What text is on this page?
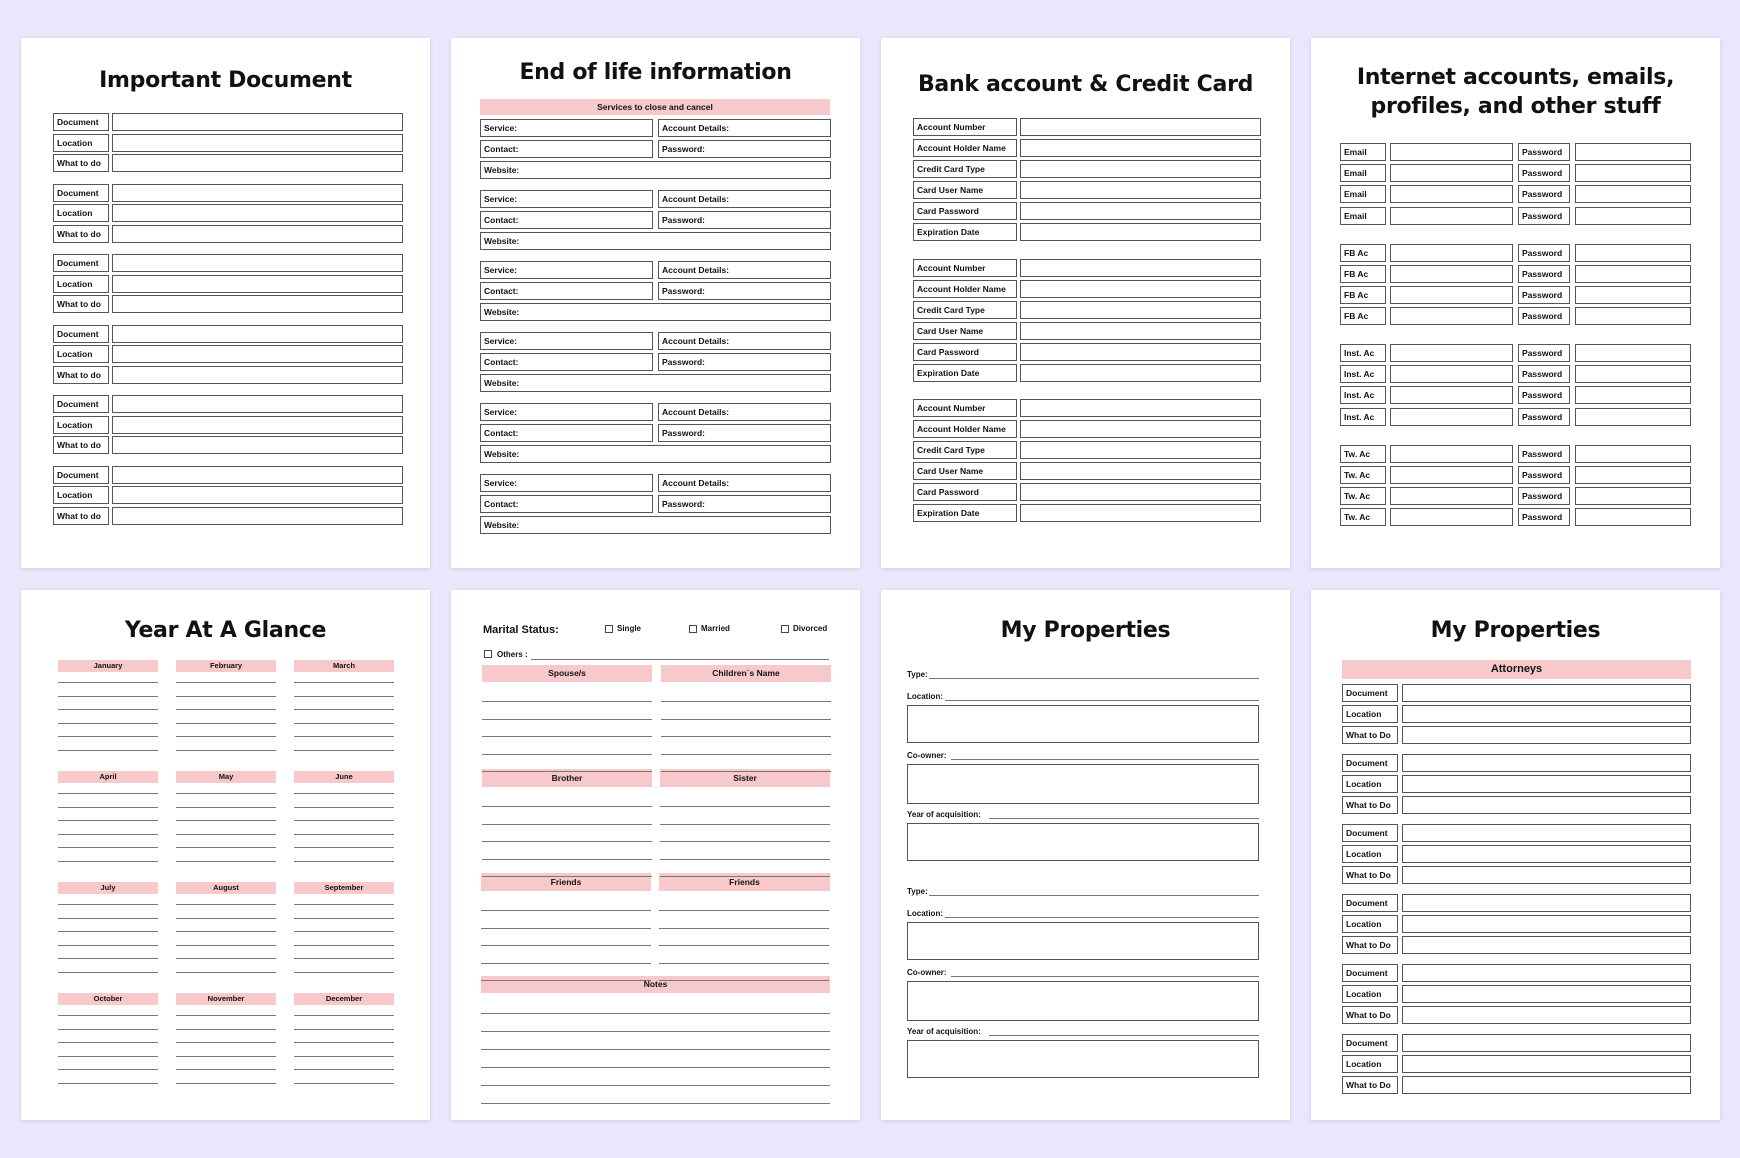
Important Document
Document
Location
What to do
Document
Location
What to do
Document
Location
What to do
Document
Location
What to do
Document
Location
What to do
Document
Location
What to do
End of life information
Services to close and cancel
Service:	Account Details:
Contact:	Password:
Website:
Service:	Account Details:
Contact:	Password:
Website:
Service:	Account Details:
Contact:	Password:
Website:
Service:	Account Details:
Contact:	Password:
Website:
Service:	Account Details:
Contact:	Password:
Website:
Service:	Account Details:
Contact:	Password:
Website:
Bank account & Credit Card
Account Number
Account Holder Name
Credit Card Type
Card User Name
Card Password
Expiration Date
Account Number
Account Holder Name
Credit Card Type
Card User Name
Card Password
Expiration Date
Account Number
Account Holder Name
Credit Card Type
Card User Name
Card Password
Expiration Date
Internet accounts, emails,
profiles, and other stuff
Email	Password
Email	Password
Email	Password
Email	Password
FB Ac	Password
FB Ac	Password
FB Ac	Password
FB Ac	Password
Inst. Ac	Password
Inst. Ac	Password
Inst. Ac	Password
Inst. Ac	Password
Tw. Ac	Password
Tw. Ac	Password
Tw. Ac	Password
Tw. Ac	Password
Year At A Glance
January	February	March
April	May	June
July	August	September
October	November	December
Marital Status:	Single	Married	Divorced
Others :
Spouse/s	Children`s Name
Brother	Sister
Friends	Friends
Notes
My Properties
Type:
Location:
Co-owner:
Year of acquisition:
Type:
Location:
Co-owner:
Year of acquisition:
My Properties
Attorneys
Document
Location
What to Do
Document
Location
What to Do
Document
Location
What to Do
Document
Location
What to Do
Document
Location
What to Do
Document
Location
What to Do
